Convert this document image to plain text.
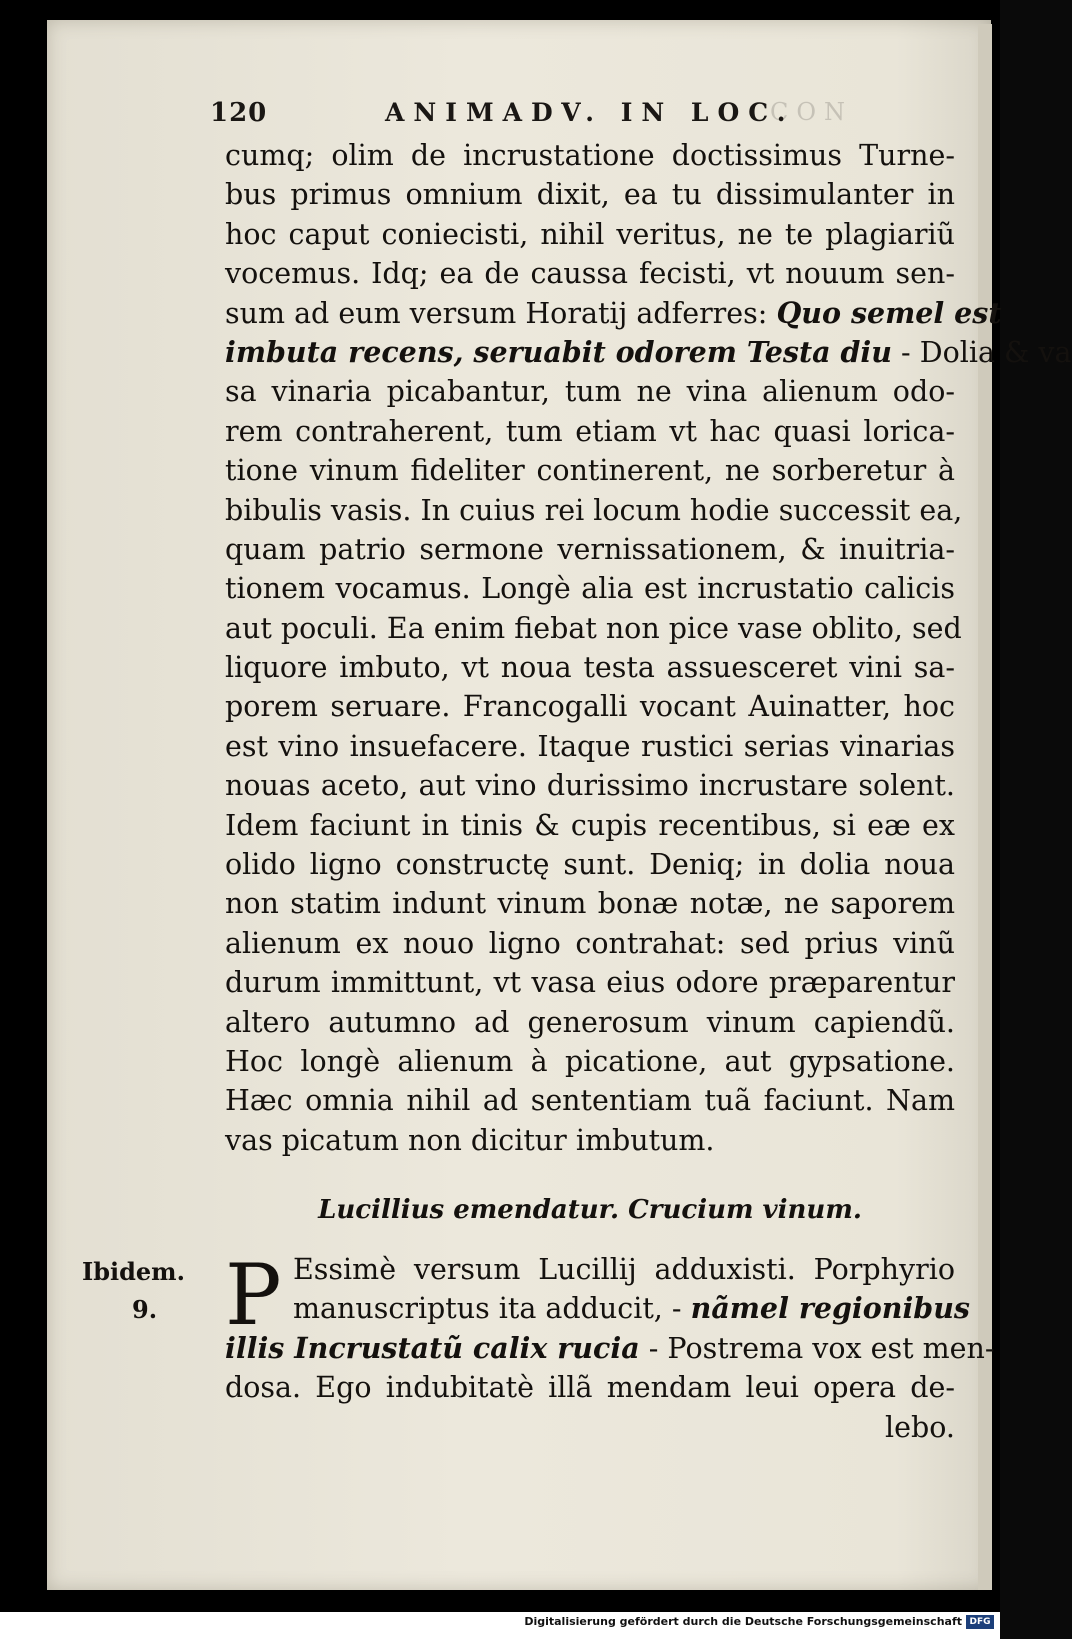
120	ANIMADV. IN LOC.
CON
cumq; olim de incrustatione doctissimus Turne-
bus primus omnium dixit, ea tu dissimulanter in
hoc caput coniecisti, nihil veritus, ne te plagiariũ
vocemus. Idq; ea de caussa fecisti, vt nouum sen-
sum ad eum versum Horatij adferres: Quo semel est
imbuta recens, seruabit odorem Testa diu - Dolia & va
sa vinaria picabantur, tum ne vina alienum odo-
rem contraherent, tum etiam vt hac quasi lorica-
tione vinum fideliter continerent, ne sorberetur à
bibulis vasis. In cuius rei locum hodie successit ea,
quam patrio sermone vernissationem, & inuitria-
tionem vocamus. Longè alia est incrustatio calicis
aut poculi. Ea enim fiebat non pice vase oblito, sed
liquore imbuto, vt noua testa assuesceret vini sa-
porem seruare. Francogalli vocant Auinatter, hoc
est vino insuefacere. Itaque rustici serias vinarias
nouas aceto, aut vino durissimo incrustare solent.
Idem faciunt in tinis & cupis recentibus, si eæ ex
olido ligno constructę sunt. Deniq; in dolia noua
non statim indunt vinum bonæ notæ, ne saporem
alienum ex nouo ligno contrahat: sed prius vinũ
durum immittunt, vt vasa eius odore præparentur
altero autumno ad generosum vinum capiendũ.
Hoc longè alienum à picatione, aut gypsatione.
Hæc omnia nihil ad sententiam tuã faciunt. Nam
vas picatum non dicitur imbutum.
Lucillius emendatur. Crucium vinum.
Ibidem.
9. P Essimè versum Lucillij adduxisti. Porphyrio
manuscriptus ita adducit, - nãmel regionibus
illis Incrustatũ calix rucia - Postrema vox est men-
dosa. Ego indubitatè illã mendam leui opera de-
lebo.
Digitalisierung gefördert durch die Deutsche Forschungsgemeinschaft DFG
